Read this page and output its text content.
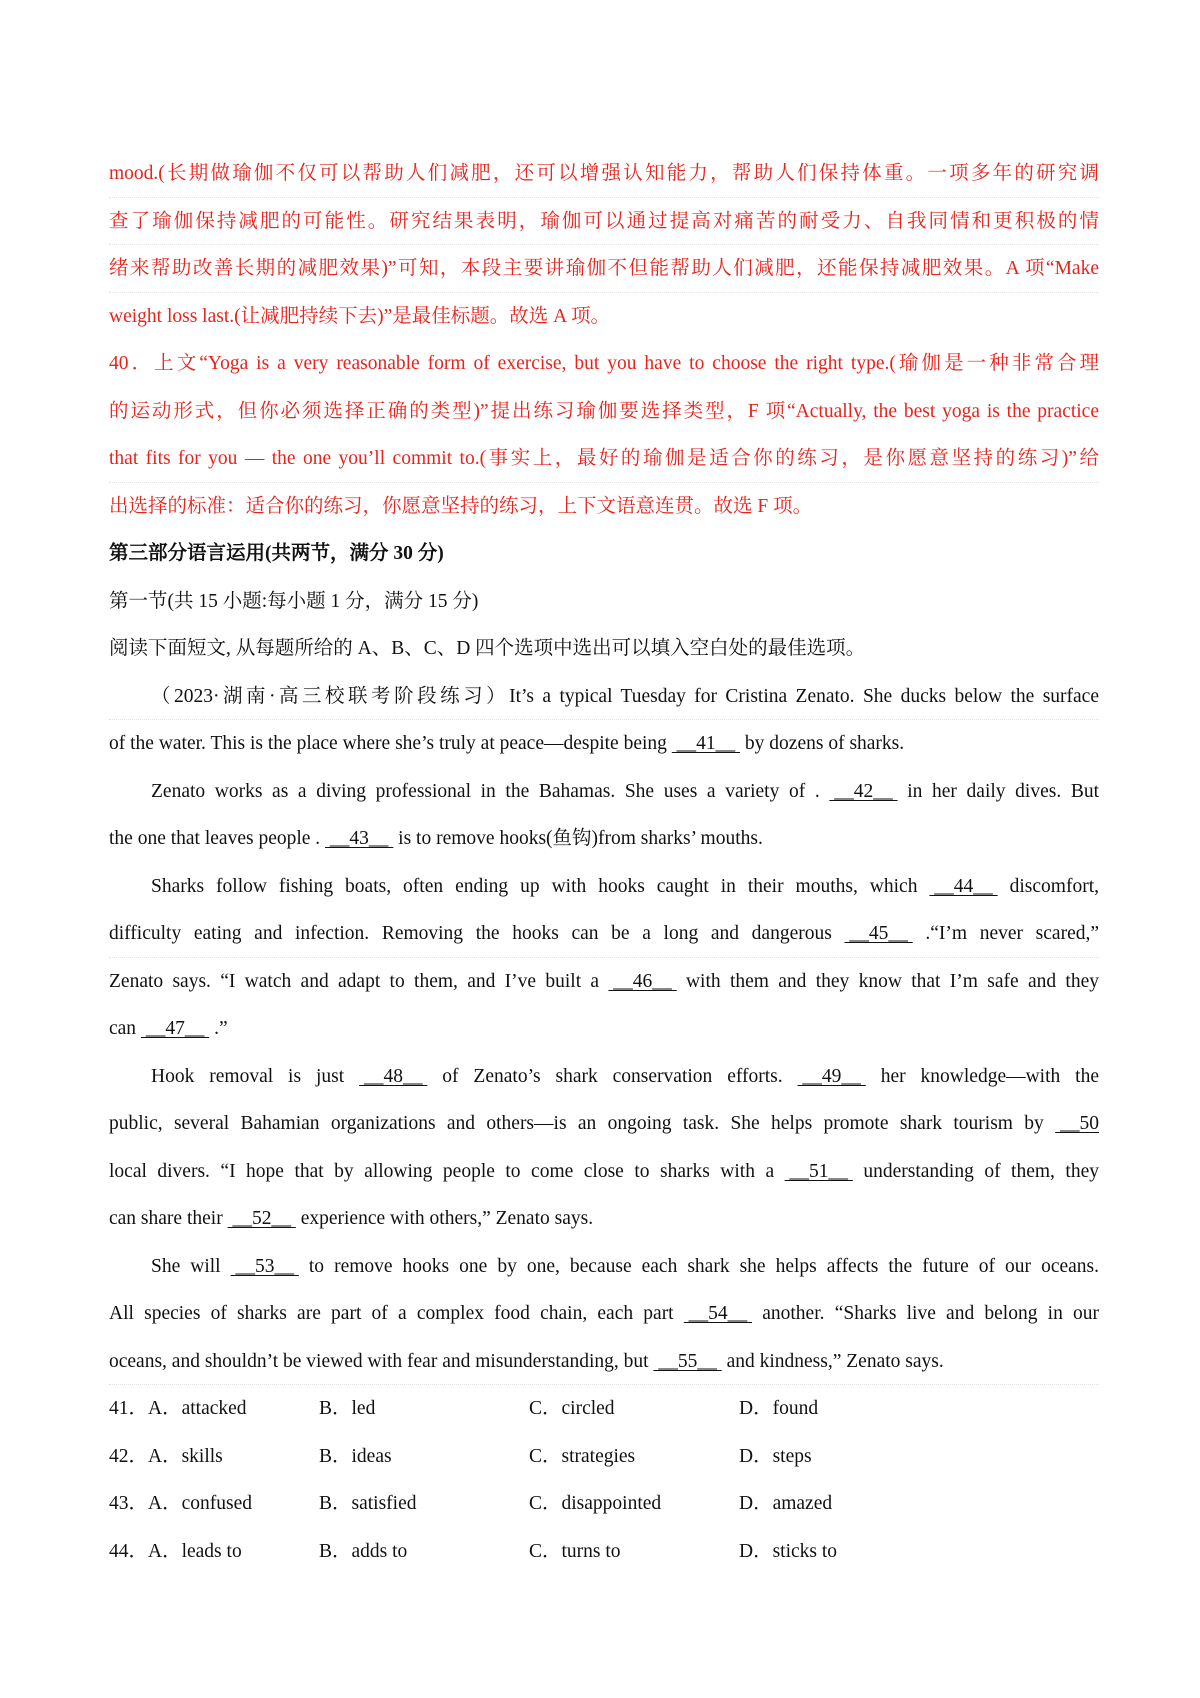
mood.(长期做瑜伽不仅可以帮助人们减肥，还可以增强认知能力，帮助人们保持体重。一项多年的研究调
查了瑜伽保持减肥的可能性。研究结果表明，瑜伽可以通过提高对痛苦的耐受力、自我同情和更积极的情
绪来帮助改善长期的减肥效果)”可知，本段主要讲瑜伽不但能帮助人们减肥，还能保持减肥效果。A 项“Make
weight loss last.(让减肥持续下去)”是最佳标题。故选 A 项。
40．上文“Yoga is a very reasonable form of exercise, but you have to choose the right type.(瑜伽是一种非常合理
的运动形式，但你必须选择正确的类型)”提出练习瑜伽要选择类型，F 项“Actually, the best yoga is the practice
that fits for you — the one you’ll commit to.(事实上，最好的瑜伽是适合你的练习，是你愿意坚持的练习)”给
出选择的标准：适合你的练习，你愿意坚持的练习，上下文语意连贯。故选 F 项。
第三部分语言运用(共两节，满分 30 分)
第一节(共 15 小题:每小题 1 分，满分 15 分)
阅读下面短文, 从每题所给的 A、B、C、D 四个选项中选出可以填入空白处的最佳选项。
（2023·湖南·高三校联考阶段练习）It’s a typical Tuesday for Cristina Zenato. She ducks below the surface
of the water. This is the place where she’s truly at peace—despite being  __41__  by dozens of sharks.
Zenato works as a diving professional in the Bahamas. She uses a variety of .  __42__  in her daily dives. But
the one that leaves people .  __43__  is to remove hooks(鱼钩)from sharks’ mouths.
Sharks follow fishing boats, often ending up with hooks caught in their mouths, which  __44__  discomfort,
difficulty eating and infection. Removing the hooks can be a long and dangerous  __45__  .“I’m never scared,”
Zenato says. “I watch and adapt to them, and I’ve built a  __46__  with them and they know that I’m safe and they
can  __47__  .”
Hook removal is just  __48__  of Zenato’s shark conservation efforts.  __49__  her knowledge—with the
public, several Bahamian organizations and others—is an ongoing task. She helps promote shark tourism by  __50
local divers. “I hope that by allowing people to come close to sharks with a  __51__  understanding of them, they
can share their  __52__  experience with others,” Zenato says.
She will  __53__  to remove hooks one by one, because each shark she helps affects the future of our oceans.
All species of sharks are part of a complex food chain, each part  __54__  another. “Sharks live and belong in our
oceans, and shouldn’t be viewed with fear and misunderstanding, but  __55__  and kindness,” Zenato says.
41．A．attacked	B．led	C．circled	D．found
42．A．skills	B．ideas	C．strategies	D．steps
43．A．confused	B．satisfied	C．disappointed	D．amazed
44．A．leads to	B．adds to	C．turns to	D．sticks to
